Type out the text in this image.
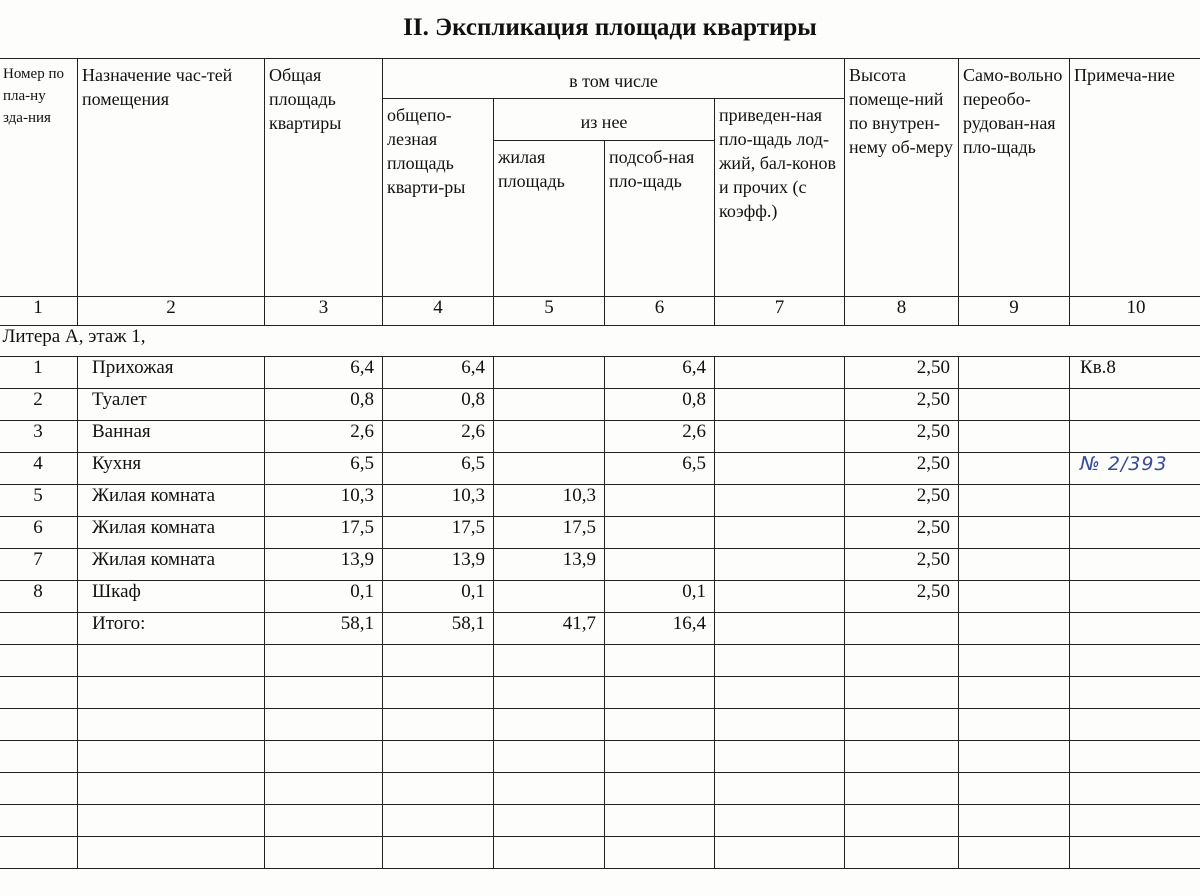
II. Экспликация площади квартиры
Номер по пла-ну зда-ния	Назначение час-тей помещения	Общая площадь квартиры	в том числе				Высота помеще-ний по внутрен-нему об-меру	Само-вольно переобо-рудован-ная пло-щадь	Примеча-ние
			общепо-лезная площадь кварти-ры	из нее		приведен-ная пло-щадь лод-жий, бал-конов и прочих (с коэфф.)			
				жилая площадь	подсоб-ная пло-щадь				
1	2	3	4	5	6	7	8	9	10
Литера А, этаж 1,									
1	Прихожая	6,4	6,4		6,4		2,50		Кв.8
2	Туалет	0,8	0,8		0,8		2,50		
3	Ванная	2,6	2,6		2,6		2,50		
4	Кухня	6,5	6,5		6,5		2,50		№ 2/393
5	Жилая комната	10,3	10,3	10,3			2,50		
6	Жилая комната	17,5	17,5	17,5			2,50		
7	Жилая комната	13,9	13,9	13,9			2,50		
8	Шкаф	0,1	0,1		0,1		2,50		
	Итого:	58,1	58,1	41,7	16,4				
